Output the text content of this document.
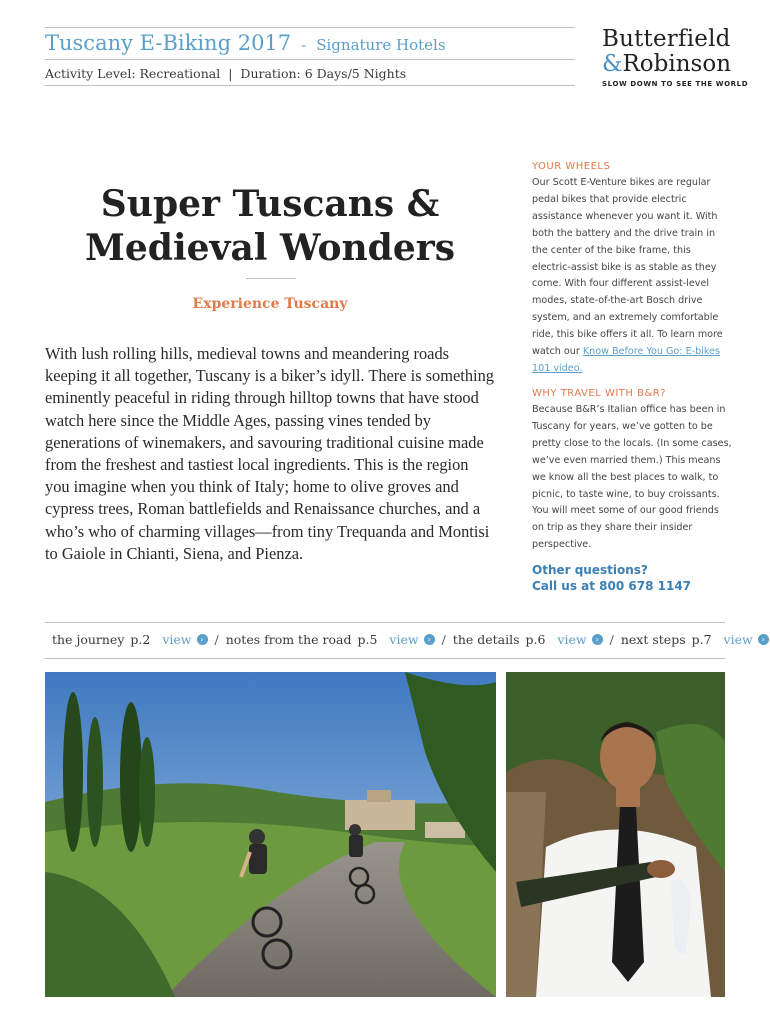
Tuscany E-Biking 2017 - Signature Hotels
Activity Level: Recreational | Duration: 6 Days/5 Nights
Butterfield
&Robinson
SLOW DOWN TO SEE THE WORLD
Super Tuscans &
Medieval Wonders
Experience Tuscany
With lush rolling hills, medieval towns and meandering roads keeping it all together, Tuscany is a biker’s idyll. There is something eminently peaceful in riding through hilltop towns that have stood watch here since the Middle Ages, passing vines tended by generations of winemakers, and savouring traditional cuisine made from the freshest and tastiest local ingredients. This is the region you imagine when you think of Italy; home to olive groves and cypress trees, Roman battlefields and Renaissance churches, and a who’s who of charming villages—from tiny Trequanda and Montisi to Gaiole in Chianti, Siena, and Pienza.
YOUR WHEELS
Our Scott E-Venture bikes are regular pedal bikes that provide electric assistance whenever you want it. With both the battery and the drive train in the center of the bike frame, this electric-assist bike is as stable as they come. With four different assist-level modes, state-of-the-art Bosch drive system, and an extremely comfortable ride, this bike offers it all. To learn more watch our Know Before You Go: E-bikes 101 video.
WHY TRAVEL WITH B&R?
Because B&R’s Italian office has been in Tuscany for years, we’ve gotten to be pretty close to the locals. (In some cases, we’ve even married them.) This means we know all the best places to walk, to picnic, to taste wine, to buy croissants. You will meet some of our good friends on trip as they share their insider perspective.
Other questions?
Call us at 800 678 1147
the journey p.2 view	› / notes from the road p.5 view	› / the details p.6 view	› / next steps p.7 view	›
